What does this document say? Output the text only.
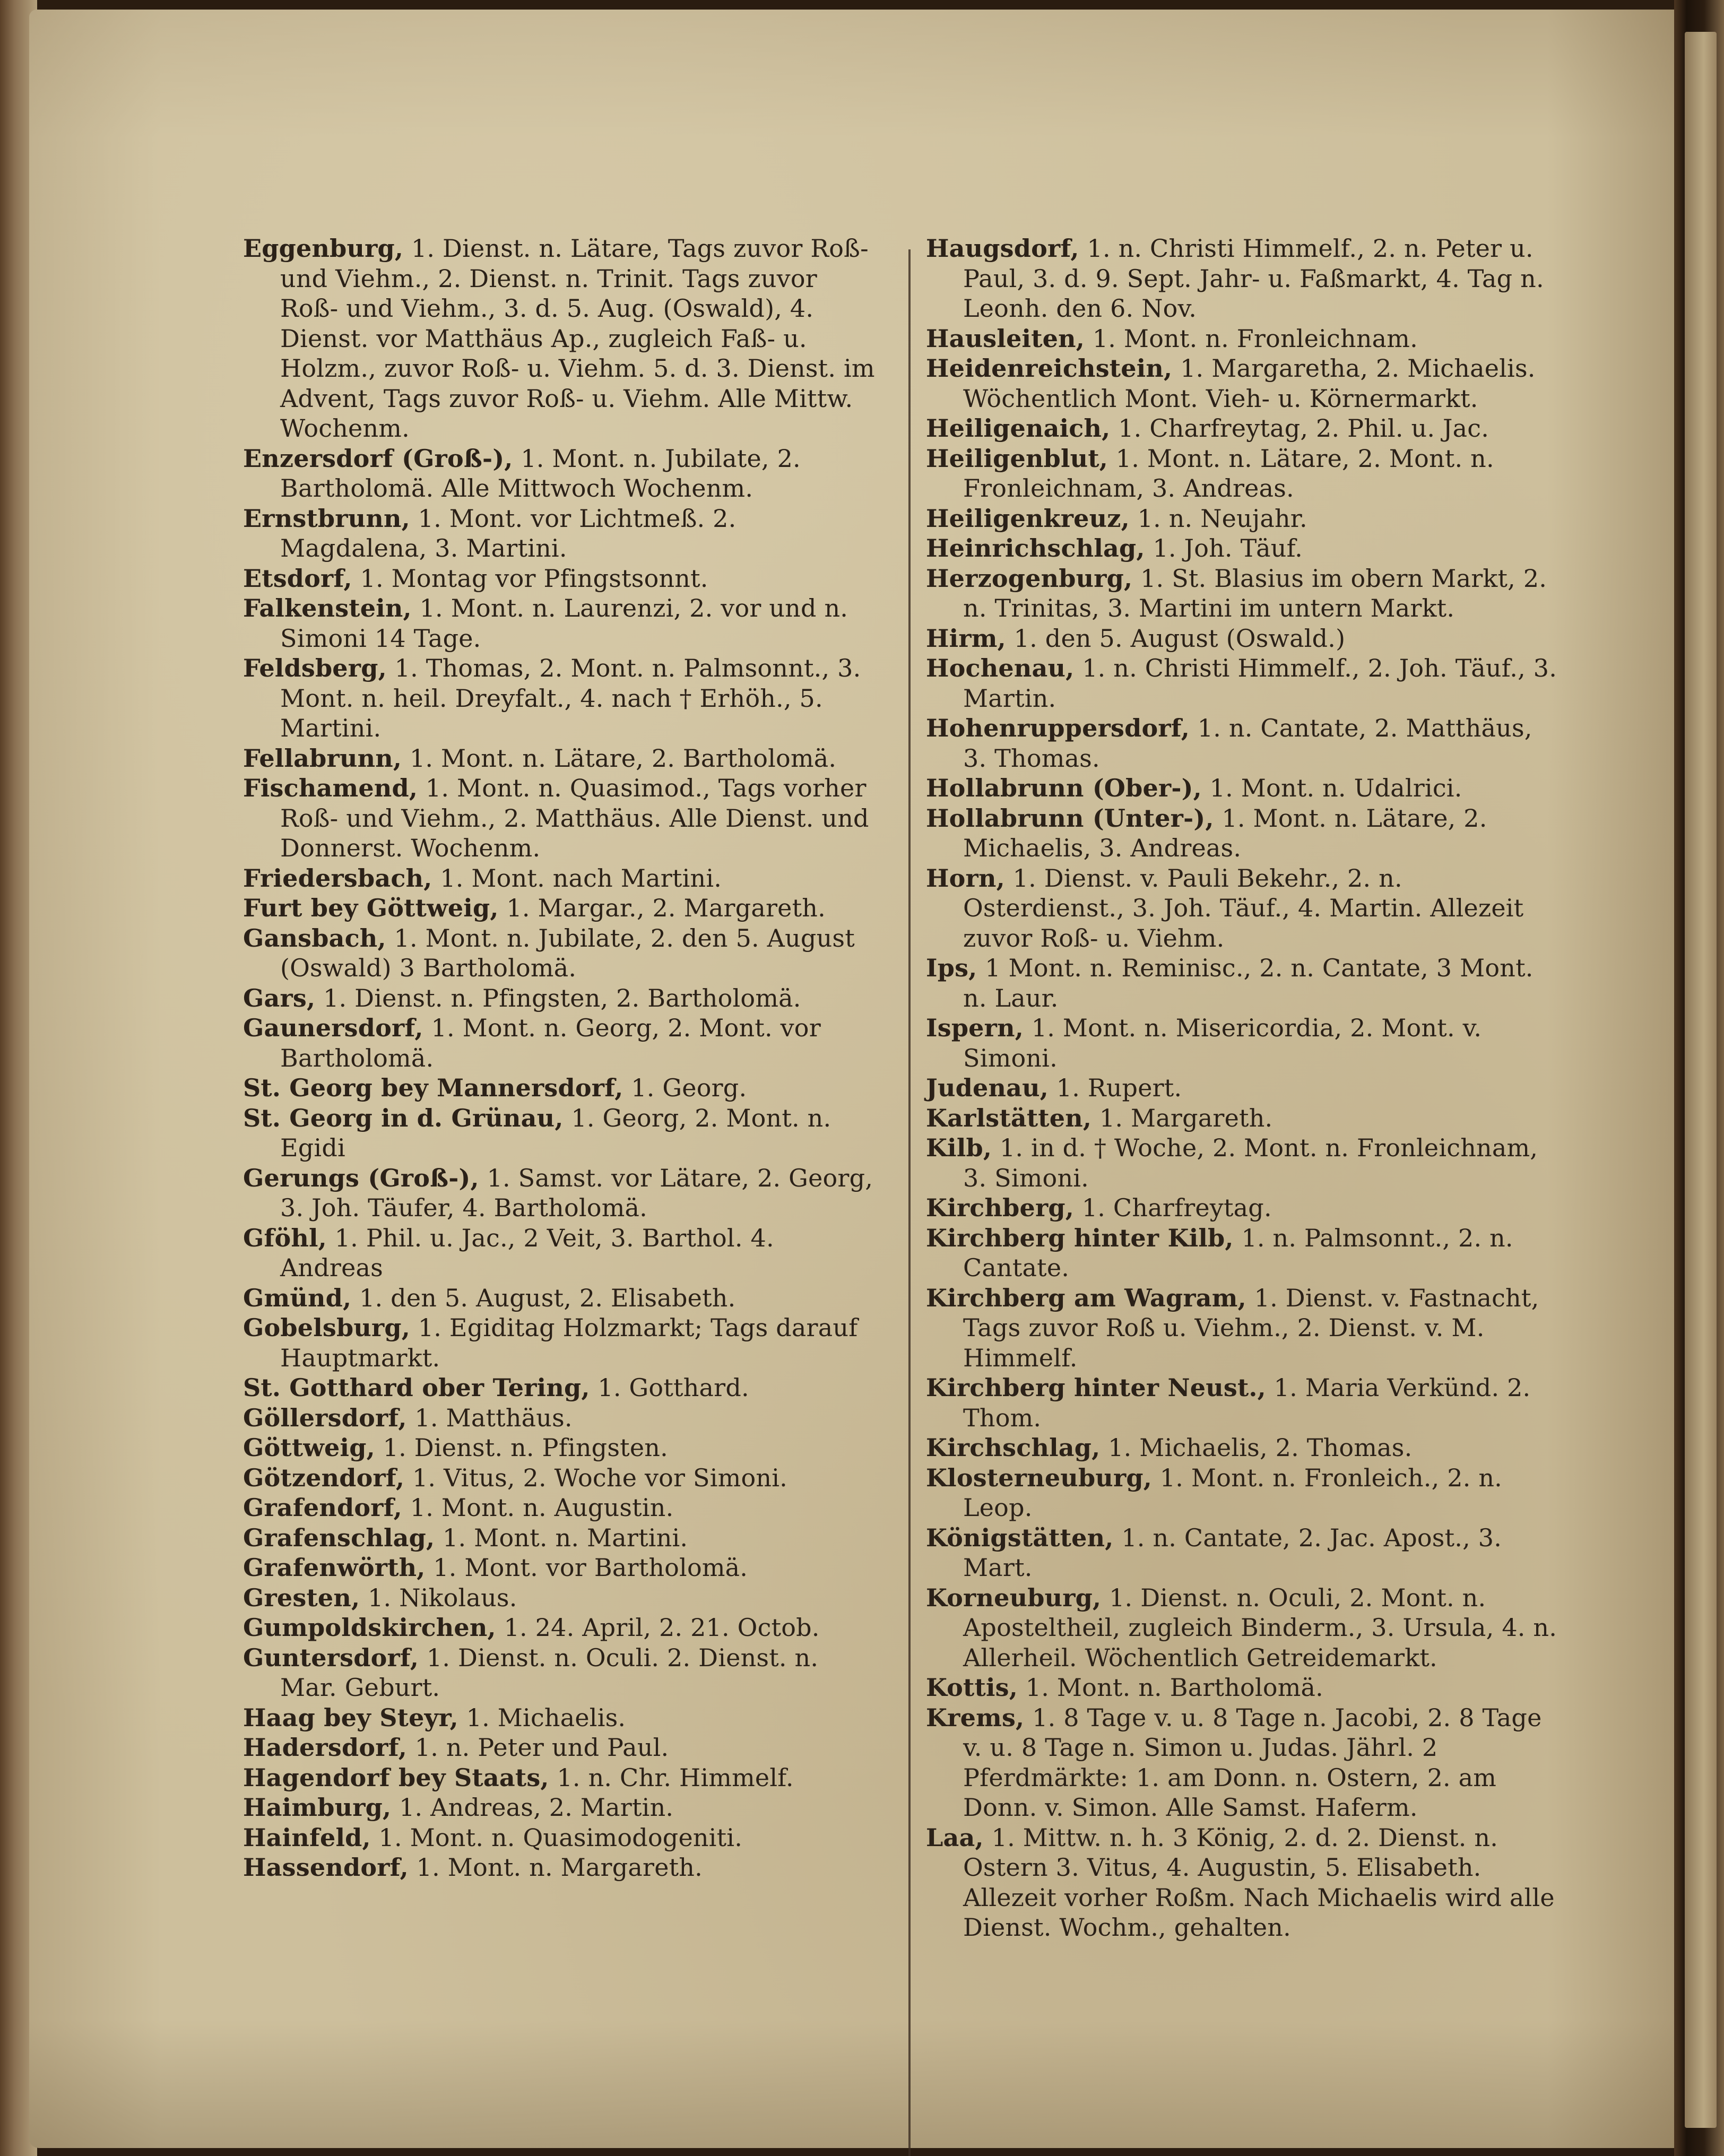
Eggenburg, 1. Dienst. n. Lätare, Tags zuvor Roß- und Viehm., 2. Dienst. n. Trinit. Tags zuvor Roß- und Viehm., 3. d. 5. Aug. (Oswald), 4. Dienst. vor Matthäus Ap., zugleich Faß- u. Holzm., zuvor Roß- u. Viehm. 5. d. 3. Dienst. im Advent, Tags zuvor Roß- u. Viehm. Alle Mittw. Wochenm.

Enzersdorf (Groß-), 1. Mont. n. Jubilate, 2. Bartholomä. Alle Mittwoch Wochenm.

Ernstbrunn, 1. Mont. vor Lichtmeß. 2. Magdalena, 3. Martini.

Etsdorf, 1. Montag vor Pfingstsonnt.

Falkenstein, 1. Mont. n. Laurenzi, 2. vor und n. Simoni 14 Tage.

Feldsberg, 1. Thomas, 2. Mont. n. Palmsonnt., 3. Mont. n. heil. Dreyfalt., 4. nach † Erhöh., 5. Martini.

Fellabrunn, 1. Mont. n. Lätare, 2. Bartholomä.

Fischamend, 1. Mont. n. Quasimod., Tags vorher Roß- und Viehm., 2. Matthäus. Alle Dienst. und Donnerst. Wochenm.

Friedersbach, 1. Mont. nach Martini.

Furt bey Göttweig, 1. Margar., 2. Margareth.

Gansbach, 1. Mont. n. Jubilate, 2. den 5. August (Oswald) 3 Bartholomä.

Gars, 1. Dienst. n. Pfingsten, 2. Bartholomä.

Gaunersdorf, 1. Mont. n. Georg, 2. Mont. vor Bartholomä.

St. Georg bey Mannersdorf, 1. Georg.

St. Georg in d. Grünau, 1. Georg, 2. Mont. n. Egidi

Gerungs (Groß-), 1. Samst. vor Lätare, 2. Georg, 3. Joh. Täufer, 4. Bartholomä.

Gföhl, 1. Phil. u. Jac., 2 Veit, 3. Barthol. 4. Andreas

Gmünd, 1. den 5. August, 2. Elisabeth.

Gobelsburg, 1. Egiditag Holzmarkt; Tags darauf Hauptmarkt.

St. Gotthard ober Tering, 1. Gotthard.

Göllersdorf, 1. Matthäus.

Göttweig, 1. Dienst. n. Pfingsten.

Götzendorf, 1. Vitus, 2. Woche vor Simoni.

Grafendorf, 1. Mont. n. Augustin.

Grafenschlag, 1. Mont. n. Martini.

Grafenwörth, 1. Mont. vor Bartholomä.

Gresten, 1. Nikolaus.

Gumpoldskirchen, 1. 24. April, 2. 21. Octob.

Guntersdorf, 1. Dienst. n. Oculi. 2. Dienst. n. Mar. Geburt.

Haag bey Steyr, 1. Michaelis.

Hadersdorf, 1. n. Peter und Paul.

Hagendorf bey Staats, 1. n. Chr. Himmelf.

Haimburg, 1. Andreas, 2. Martin.

Hainfeld, 1. Mont. n. Quasimodogeniti.

Hassendorf, 1. Mont. n. Margareth.

Haugsdorf, 1. n. Christi Himmelf., 2. n. Peter u. Paul, 3. d. 9. Sept. Jahr- u. Faßmarkt, 4. Tag n. Leonh. den 6. Nov.

Hausleiten, 1. Mont. n. Fronleichnam.

Heidenreichstein, 1. Margaretha, 2. Michaelis. Wöchentlich Mont. Vieh- u. Körnermarkt.

Heiligenaich, 1. Charfreytag, 2. Phil. u. Jac.

Heiligenblut, 1. Mont. n. Lätare, 2. Mont. n. Fronleichnam, 3. Andreas.

Heiligenkreuz, 1. n. Neujahr.

Heinrichschlag, 1. Joh. Täuf.

Herzogenburg, 1. St. Blasius im obern Markt, 2. n. Trinitas, 3. Martini im untern Markt.

Hirm, 1. den 5. August (Oswald.)

Hochenau, 1. n. Christi Himmelf., 2. Joh. Täuf., 3. Martin.

Hohenruppersdorf, 1. n. Cantate, 2. Matthäus, 3. Thomas.

Hollabrunn (Ober-), 1. Mont. n. Udalrici.

Hollabrunn (Unter-), 1. Mont. n. Lätare, 2. Michaelis, 3. Andreas.

Horn, 1. Dienst. v. Pauli Bekehr., 2. n. Osterdienst., 3. Joh. Täuf., 4. Martin. Allezeit zuvor Roß- u. Viehm.

Ips, 1 Mont. n. Reminisc., 2. n. Cantate, 3 Mont. n. Laur.

Ispern, 1. Mont. n. Misericordia, 2. Mont. v. Simoni.

Judenau, 1. Rupert.

Karlstätten, 1. Margareth.

Kilb, 1. in d. † Woche, 2. Mont. n. Fronleichnam, 3. Simoni.

Kirchberg, 1. Charfreytag.

Kirchberg hinter Kilb, 1. n. Palmsonnt., 2. n. Cantate.

Kirchberg am Wagram, 1. Dienst. v. Fastnacht, Tags zuvor Roß u. Viehm., 2. Dienst. v. M. Himmelf.

Kirchberg hinter Neust., 1. Maria Verkünd. 2. Thom.

Kirchschlag, 1. Michaelis, 2. Thomas.

Klosterneuburg, 1. Mont. n. Fronleich., 2. n. Leop.

Königstätten, 1. n. Cantate, 2. Jac. Apost., 3. Mart.

Korneuburg, 1. Dienst. n. Oculi, 2. Mont. n. Aposteltheil, zugleich Binderm., 3. Ursula, 4. n. Allerheil. Wöchentlich Getreidemarkt.

Kottis, 1. Mont. n. Bartholomä.

Krems, 1. 8 Tage v. u. 8 Tage n. Jacobi, 2. 8 Tage v. u. 8 Tage n. Simon u. Judas. Jährl. 2 Pferdmärkte: 1. am Donn. n. Ostern, 2. am Donn. v. Simon. Alle Samst. Haferm.

Laa, 1. Mittw. n. h. 3 König, 2. d. 2. Dienst. n. Ostern 3. Vitus, 4. Augustin, 5. Elisabeth. Allezeit vorher Roßm. Nach Michaelis wird alle Dienst. Wochm., gehalten.
